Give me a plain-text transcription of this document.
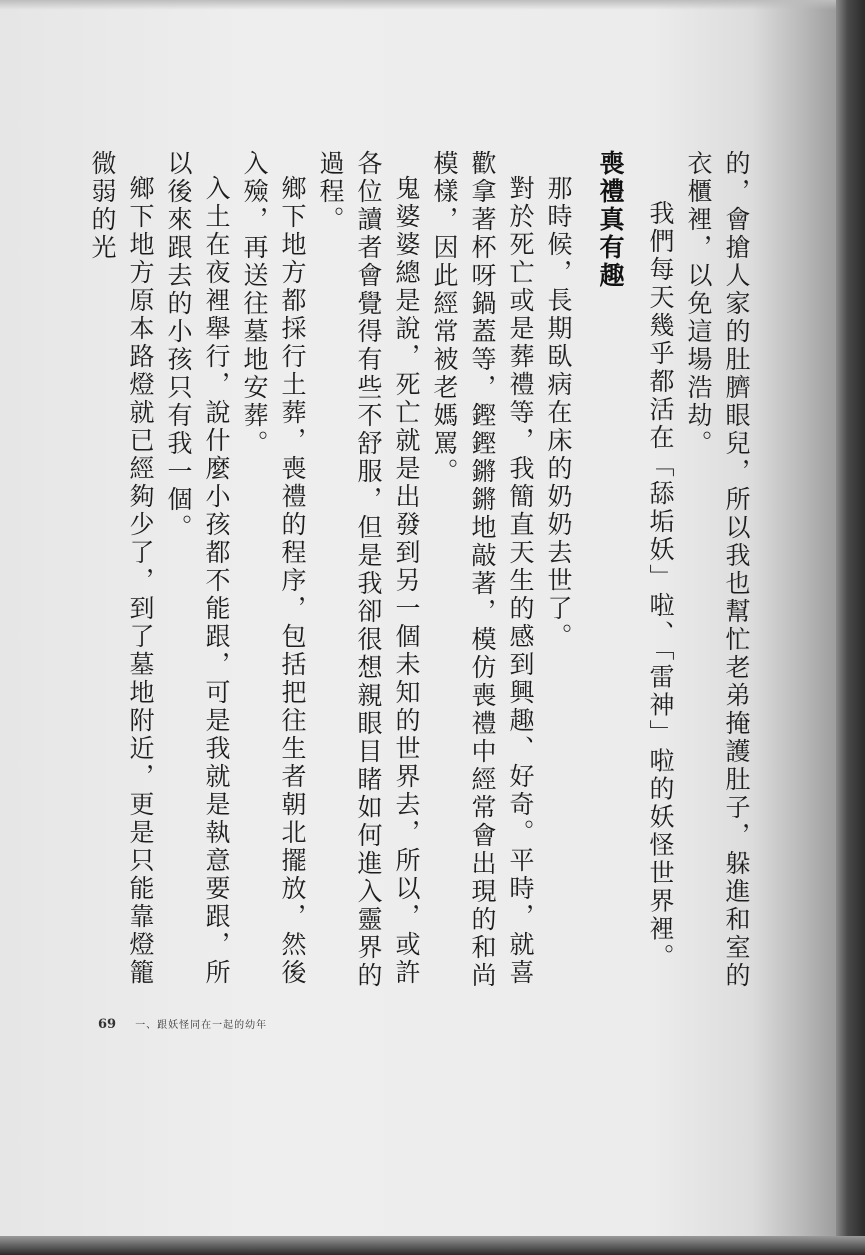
的，會搶人家的肚臍眼兒，所以我也幫忙老弟掩護肚子，躲進和室的衣櫃裡，以免這場浩劫。

我們每天幾乎都活在「舔垢妖」啦、「雷神」啦的妖怪世界裡。

喪禮真有趣

那時候，長期臥病在床的奶奶去世了。

對於死亡或是葬禮等，我簡直天生的感到興趣、好奇。平時，就喜歡拿著杯呀鍋蓋等，鏗鏗鏘鏘地敲著，模仿喪禮中經常會出現的和尚模樣，因此經常被老媽罵。

鬼婆婆總是說，死亡就是出發到另一個未知的世界去，所以，或許各位讀者會覺得有些不舒服，但是我卻很想親眼目睹如何進入靈界的過程。

鄉下地方都採行土葬，喪禮的程序，包括把往生者朝北擺放，然後入殮，再送往墓地安葬。

入土在夜裡舉行，說什麼小孩都不能跟，可是我就是執意要跟，所以後來跟去的小孩只有我一個。

鄉下地方原本路燈就已經夠少了，到了墓地附近，更是只能靠燈籠微弱的光

69 一、跟妖怪同在一起的幼年
